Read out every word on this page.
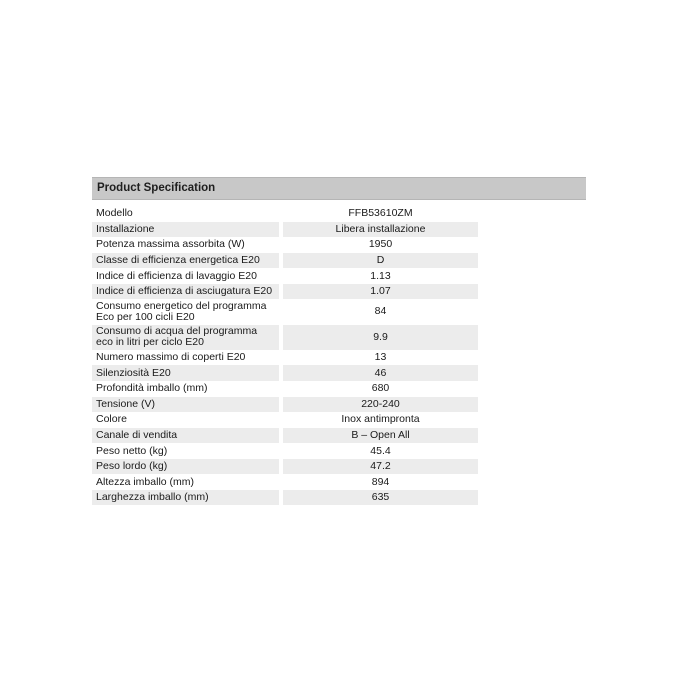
Product Specification
Modello	FFB53610ZM
Installazione	Libera installazione
Potenza massima assorbita (W)	1950
Classe di efficienza energetica E20	D
Indice di efficienza di lavaggio E20	1.13
Indice di efficienza di asciugatura E20	1.07
Consumo energetico del programma
Eco per 100 cicli E20	84
Consumo di acqua del programma
eco in litri per ciclo E20	9.9
Numero massimo di coperti E20	13
Silenziosità E20	46
Profondità imballo (mm)	680
Tensione (V)	220-240
Colore	Inox antimpronta
Canale di vendita	B – Open All
Peso netto (kg)	45.4
Peso lordo (kg)	47.2
Altezza imballo (mm)	894
Larghezza imballo (mm)	635
